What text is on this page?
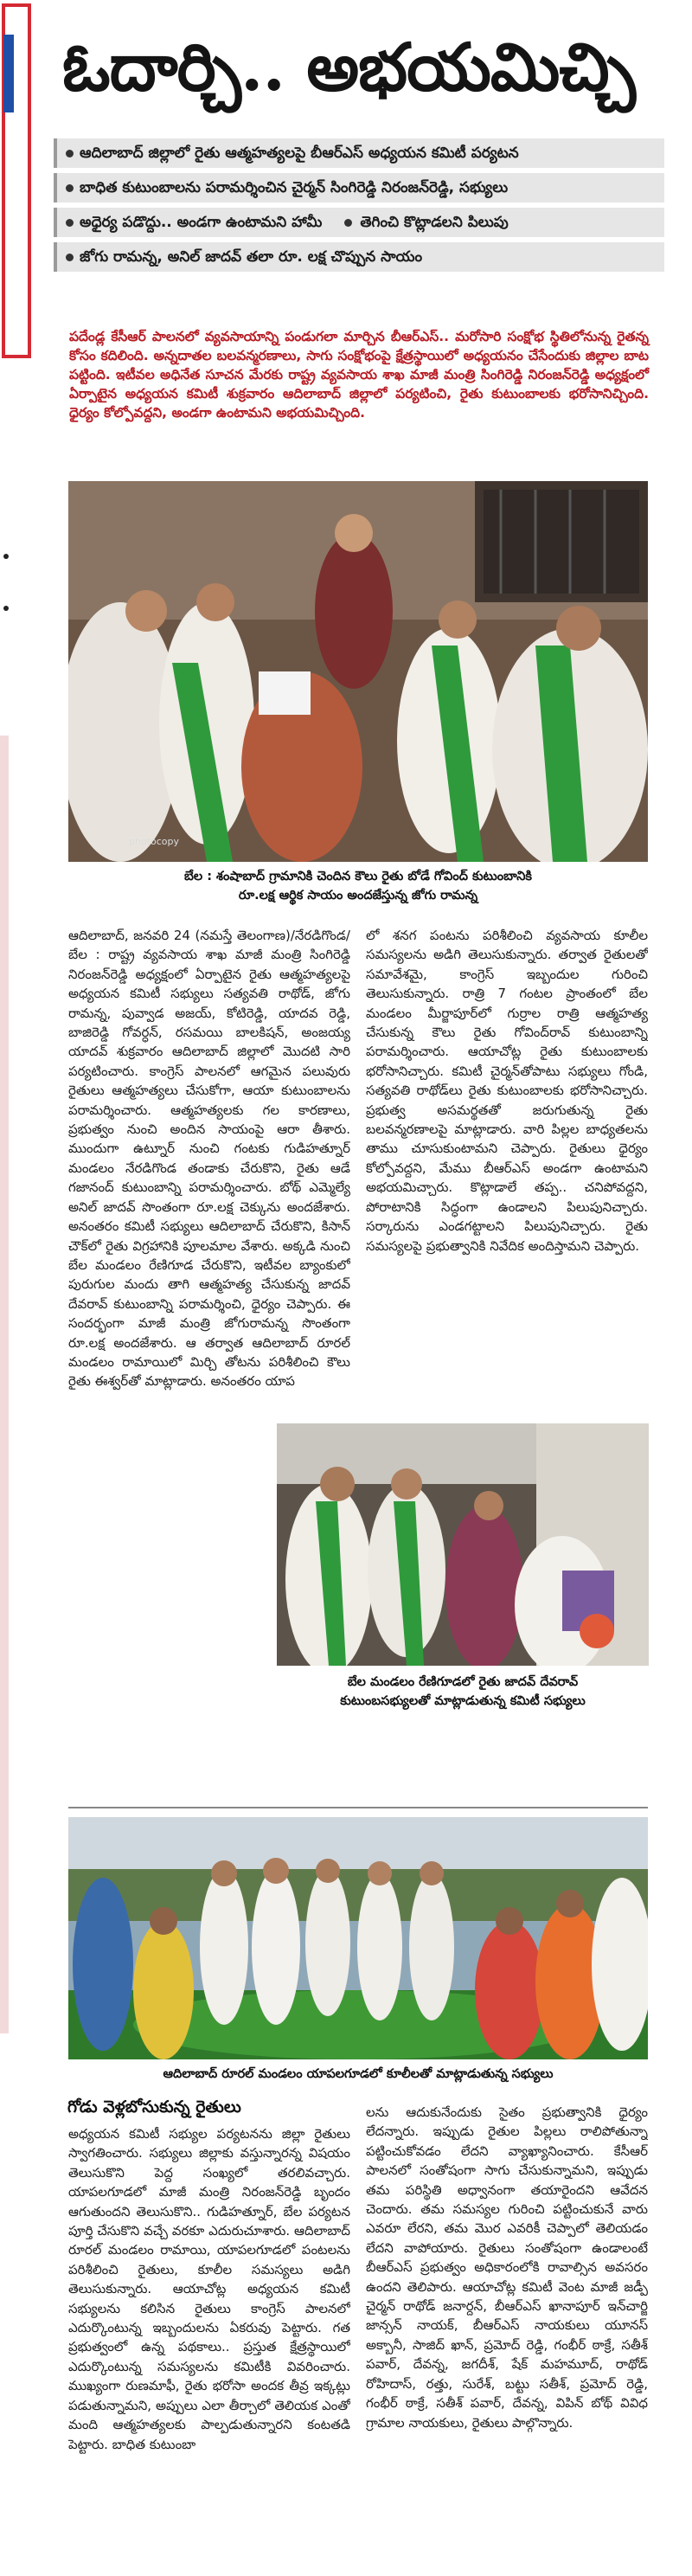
ఓదార్చి.. అభయమిచ్చి
ఆదిలాబాద్ జిల్లాలో రైతు ఆత్మహత్యలపై బీఆర్ఎస్ అధ్యయన కమిటీ పర్యటన
బాధిత కుటుంబాలను పరామర్శించిన చైర్మన్ సింగిరెడ్డి నిరంజన్‌రెడ్డి, సభ్యులు
అధైర్య పడొద్దు.. అండగా ఉంటామని హామీ	తెగించి కొట్లాడలని పిలుపు
జోగు రామన్న, అనిల్ జాదవ్ తలా రూ. లక్ష చొప్పున సాయం

పదేండ్ల కేసీఆర్ పాలనలో వ్యవసాయాన్ని పండుగలా మార్చిన బీఆర్ఎస్.. మరోసారి సంక్షోభ స్థితిలోనున్న రైతన్న కోసం కదిలింది. అన్నదాతల బలవన్మరణాలు, సాగు సంక్షోభంపై క్షేత్రస్థాయిలో అధ్యయనం చేసేందుకు జిల్లాల బాట పట్టింది. ఇటీవల అధినేత సూచన మేరకు రాష్ట్ర వ్యవసాయ శాఖ మాజీ మంత్రి సింగిరెడ్డి నిరంజన్‌రెడ్డి అధ్యక్షంలో ఏర్పాటైన అధ్యయన కమిటీ శుక్రవారం ఆదిలాబాద్ జిల్లాలో పర్యటించి, రైతు కుటుంబాలకు భరోసానిచ్చింది. ధైర్యం కోల్పోవద్దని, అండగా ఉంటామని అభయమిచ్చింది.

photocopy
బేల : శంషాబాద్ గ్రామానికి చెందిన కౌలు రైతు బోడే గోవింద్ కుటుంబానికి
రూ.లక్ష ఆర్థిక సాయం అందజేస్తున్న జోగు రామన్న

ఆదిలాబాద్, జనవరి 24 (నమస్తే తెలంగాణ)/నేరడిగొండ/బేల : రాష్ట్ర వ్యవసాయ శాఖ మాజీ మంత్రి సింగిరెడ్డి నిరంజన్‌రెడ్డి అధ్యక్షంలో ఏర్పాటైన రైతు ఆత్మహత్యలపై అధ్యయన కమిటీ సభ్యులు సత్యవతి రాథోడ్, జోగు రామన్న, పువ్వాడ అజయ్, కోటిరెడ్డి, యాదవ రెడ్డి, బాజిరెడ్డి గోవర్ధన్, రసమయి బాలకిషన్, అంజయ్య యాదవ్ శుక్రవారం ఆదిలాబాద్ జిల్లాలో మొదటి సారి పర్యటించారు. కాంగ్రెస్ పాలనలో ఆగమైన పలువురు రైతులు ఆత్మహత్యలు చేసుకోగా, ఆయా కుటుంబాలను పరామర్శించారు. ఆత్మహత్యలకు గల కారణాలు, ప్రభుత్వం నుంచి అందిన సాయంపై ఆరా తీశారు. ముందుగా ఉట్నూర్ నుంచి గంటకు గుడిహత్నూర్ మండలం నేరడిగొండ తండాకు చేరుకొని, రైతు ఆడే గజానంద్ కుటుంబాన్ని పరామర్శించారు. బోథ్ ఎమ్మెల్యే అనిల్ జాదవ్ సొంతంగా రూ.లక్ష చెక్కును అందజేశారు. అనంతరం కమిటీ సభ్యులు ఆదిలాబాద్ చేరుకొని, కిసాన్ చౌక్‌లో రైతు విగ్రహానికి పూలమాల వేశారు. అక్కడి నుంచి బేల మండలం రేణిగూడ చేరుకొని, ఇటీవల బ్యాంకులో పురుగుల మందు తాగి ఆత్మహత్య చేసుకున్న జాదవ్ దేవరావ్ కుటుంబాన్ని పరామర్శించి, ధైర్యం చెప్పారు. ఈ సందర్భంగా మాజీ మంత్రి జోగురామన్న సొంతంగా రూ.లక్ష అందజేశారు. ఆ తర్వాత ఆదిలాబాద్ రూరల్ మండలం రామాయిలో మిర్చి తోటను పరిశీలించి కౌలు రైతు ఈశ్వర్‌తో మాట్లాడారు. అనంతరం యాప

లో శనగ పంటను పరిశీలించి వ్యవసాయ కూలీల సమస్యలను అడిగి తెలుసుకున్నారు. తర్వాత రైతులతో సమావేశమై, కాంగ్రెస్ ఇబ్బందుల గురించి తెలుసుకున్నారు. రాత్రి 7 గంటల ప్రాంతంలో బేల మండలం మీర్జాపూర్‌లో గుర్రాల రాత్రి ఆత్మహత్య చేసుకున్న కౌలు రైతు గోవింద్‌రావ్ కుటుంబాన్ని పరామర్శించారు. ఆయాచోట్ల రైతు కుటుంబాలకు భరోసానిచ్చారు. కమిటీ చైర్మన్‌తోపాటు సభ్యులు గోండి, సత్యవతి రాథోడ్‌లు రైతు కుటుంబాలకు భరోసానిచ్చారు. ప్రభుత్వ అసమర్థతతో జరుగుతున్న రైతు బలవన్మరణాలపై మాట్లాడారు. వారి పిల్లల బాధ్యతలను తాము చూసుకుంటామని చెప్పారు. రైతులు ధైర్యం కోల్పోవద్దని, మేము బీఆర్ఎస్ అండగా ఉంటామని అభయమిచ్చారు. కొట్లాడాలే తప్ప.. చనిపోవద్దని, పోరాటానికి సిద్ధంగా ఉండాలని పిలుపునిచ్చారు. సర్కారును ఎండగట్టాలని పిలుపునిచ్చారు. రైతు సమస్యలపై ప్రభుత్వానికి నివేదిక అందిస్తామని చెప్పారు.

బేల మండలం రేణిగూడలో రైతు జాదవ్ దేవరావ్
కుటుంబసభ్యులతో మాట్లాడుతున్న కమిటీ సభ్యులు
ఆదిలాబాద్ రూరల్ మండలం యాపలగూడలో కూలీలతో మాట్లాడుతున్న సభ్యులు
గోడు వెళ్లబోసుకున్న రైతులు

అధ్యయన కమిటీ సభ్యుల పర్యటనను జిల్లా రైతులు స్వాగతించారు. సభ్యులు జిల్లాకు వస్తున్నారన్న విషయం తెలుసుకొని పెద్ద సంఖ్యలో తరలివచ్చారు. యాపలగూడలో మాజీ మంత్రి నిరంజన్‌రెడ్డి బృందం ఆగుతుందని తెలుసుకొని.. గుడిహత్నూర్, బేల పర్యటన పూర్తి చేసుకొని వచ్చే వరకూ ఎదురుచూశారు. ఆదిలాబాద్ రూరల్ మండలం రామాయి, యాపలగూడలో పంటలను పరిశీలించి రైతులు, కూలీల సమస్యలు అడిగి తెలుసుకున్నారు. ఆయాచోట్ల అధ్యయన కమిటీ సభ్యులను కలిసిన రైతులు కాంగ్రెస్ పాలనలో ఎదుర్కొంటున్న ఇబ్బందులను ఏకరువు పెట్టారు. గత ప్రభుత్వంలో ఉన్న పథకాలు.. ప్రస్తుత క్షేత్రస్థాయిలో ఎదుర్కొంటున్న సమస్యలను కమిటీకి వివరించారు. ముఖ్యంగా రుణమాఫీ, రైతు భరోసా అందక తీవ్ర ఇక్కట్లు పడుతున్నామని, అప్పులు ఎలా తీర్చాలో తెలియక ఎంతో మంది ఆత్మహత్యలకు పాల్పడుతున్నారని కంటతడి పెట్టారు. బాధిత కుటుంబా

లను ఆదుకునేందుకు సైతం ప్రభుత్వానికి ధైర్యం లేదన్నారు. ఇప్పుడు రైతుల పిల్లలు రాలిపోతున్నా పట్టించుకోవడం లేదని వ్యాఖ్యానించారు. కేసీఆర్ పాలనలో సంతోషంగా సాగు చేసుకున్నామని, ఇప్పుడు తమ పరిస్థితి అధ్వానంగా తయారైందని ఆవేదన చెందారు. తమ సమస్యల గురించి పట్టించుకునే వారు ఎవరూ లేరని, తమ మొర ఎవరికీ చెప్పాలో తెలియడం లేదని వాపోయారు. రైతులు సంతోషంగా ఉండాలంటే బీఆర్ఎస్ ప్రభుత్వం అధికారంలోకి రావాల్సిన అవసరం ఉందని తెలిపారు. ఆయాచోట్ల కమిటీ వెంట మాజీ జడ్పీ చైర్మన్ రాథోడ్ జనార్దన్, బీఆర్ఎస్ ఖానాపూర్ ఇన్‌చార్జి జాన్సన్ నాయక్, బీఆర్ఎస్ నాయకులు యూనస్ అక్బానీ, సాజిద్ ఖాన్, ప్రమోద్ రెడ్డి, గంభీర్ ఠాక్రే, సతీశ్ పవార్, దేవన్న, జగదీశ్, షేక్ మహమూద్, రాథోడ్ రోహిదాస్, రత్తు, సురేశ్, బట్టు సతీశ్, ప్రమోద్ రెడ్డి, గంభీర్ ఠాక్రే, సతీశ్ పవార్, దేవన్న, విపిన్ బోథ్ వివిధ గ్రామాల నాయకులు, రైతులు పాల్గొన్నారు.
